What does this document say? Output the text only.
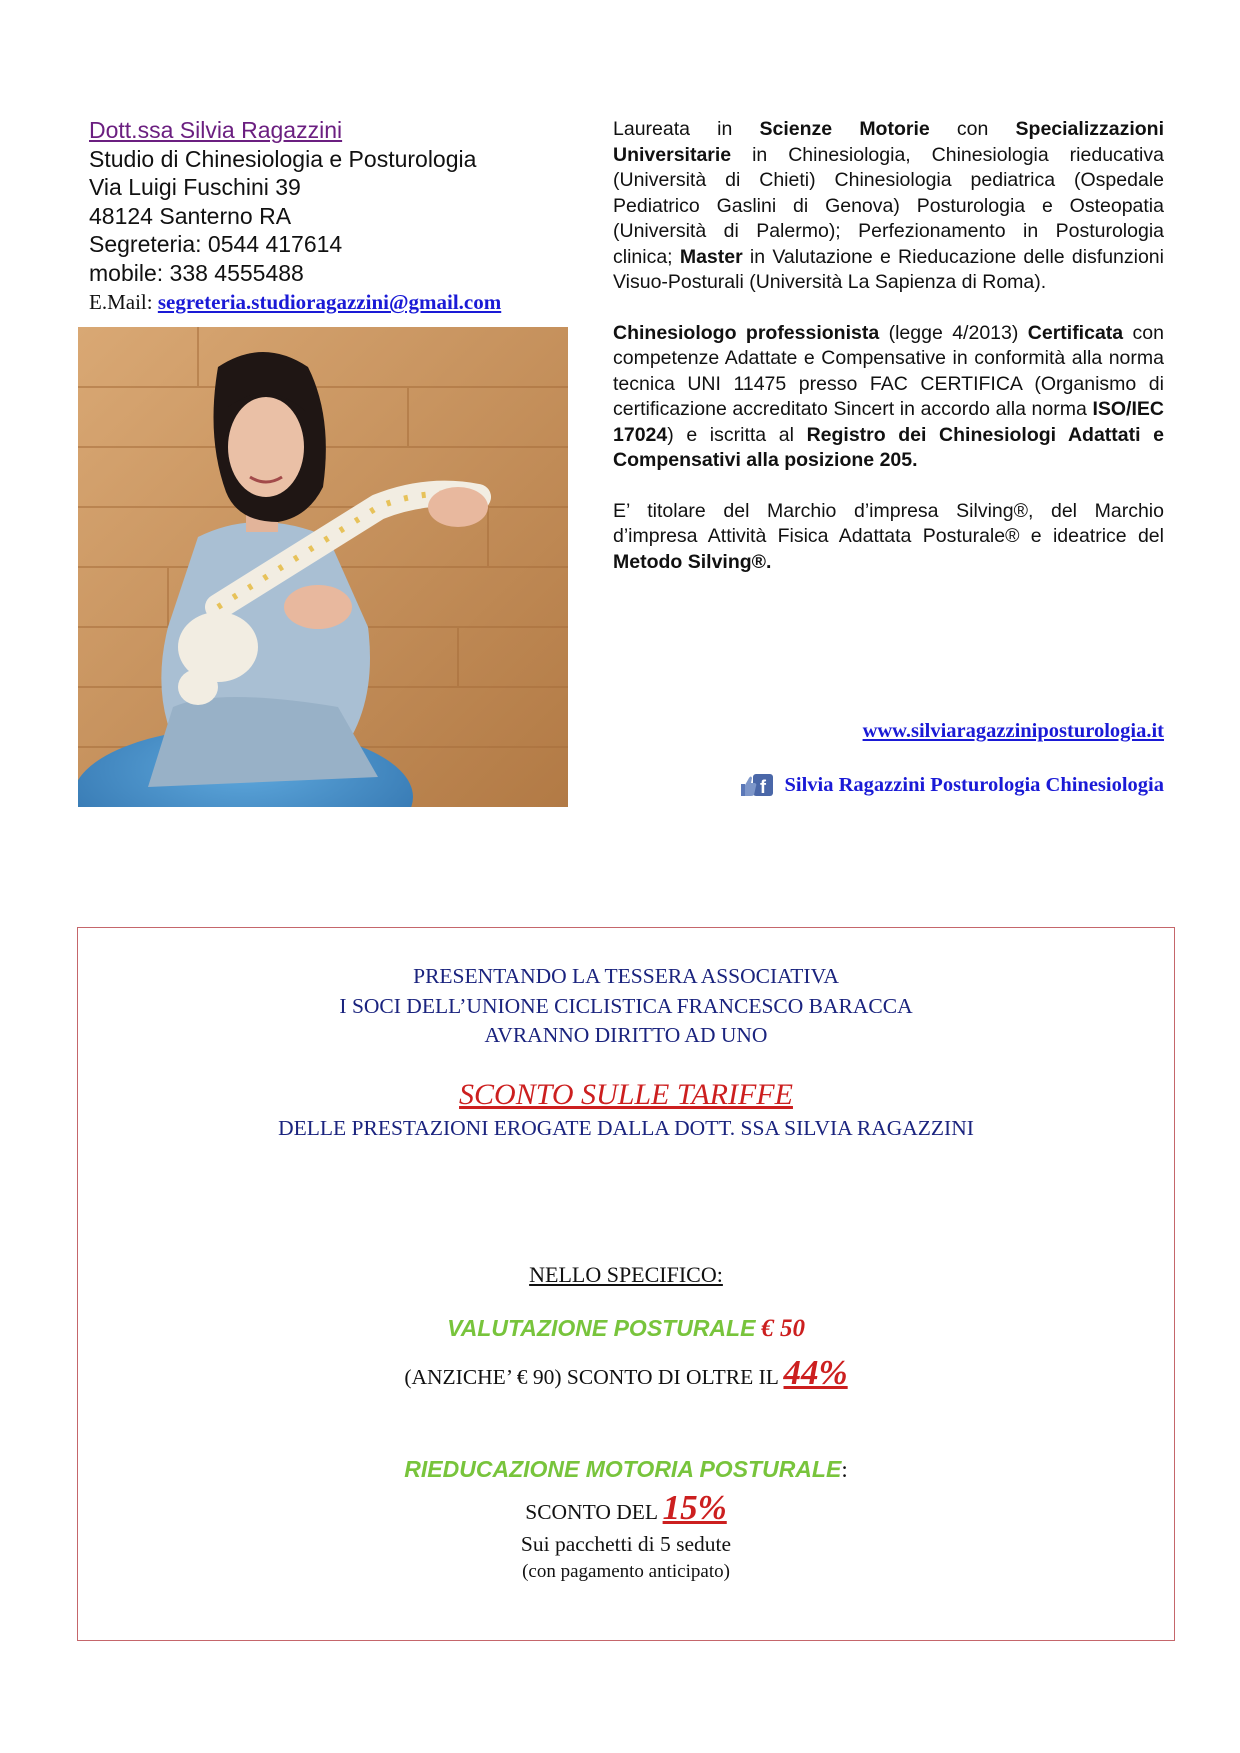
Dott.ssa Silvia Ragazzini
Studio di Chinesiologia e Posturologia
Via Luigi Fuschini 39
48124 Santerno RA
Segreteria: 0544 417614
mobile: 338 4555488
E.Mail: segreteria.studioragazzini@gmail.com

Laureata in Scienze Motorie con Specializzazioni Universitarie in Chinesiologia, Chinesiologia rieducativa (Università di Chieti) Chinesiologia pediatrica (Ospedale Pediatrico Gaslini di Genova) Posturologia e Osteopatia (Università di Palermo); Perfezionamento in Posturologia clinica; Master in Valutazione e Rieducazione delle disfunzioni Visuo-Posturali (Università La Sapienza di Roma).

Chinesiologo professionista (legge 4/2013) Certificata con competenze Adattate e Compensative in conformità alla norma tecnica UNI 11475 presso FAC CERTIFICA (Organismo di certificazione accreditato Sincert in accordo alla norma ISO/IEC 17024) e iscritta al Registro dei Chinesiologi Adattati e Compensativi alla posizione 205.

E’ titolare del Marchio d’impresa Silving®, del Marchio d’impresa Attività Fisica Adattata Posturale® e ideatrice del Metodo Silving®.

www.silviaragazziniposturologia.it
f Silvia Ragazzini Posturologia Chinesiologia
PRESENTANDO LA TESSERA ASSOCIATIVA
I SOCI DELL’UNIONE CICLISTICA FRANCESCO BARACCA
AVRANNO DIRITTO AD UNO
SCONTO SULLE TARIFFE
DELLE PRESTAZIONI EROGATE DALLA DOTT. SSA SILVIA RAGAZZINI
NELLO SPECIFICO:
VALUTAZIONE POSTURALE € 50
(ANZICHE’ € 90) SCONTO DI OLTRE IL 44%
RIEDUCAZIONE MOTORIA POSTURALE:
SCONTO DEL 15%
Sui pacchetti di 5 sedute
(con pagamento anticipato)
